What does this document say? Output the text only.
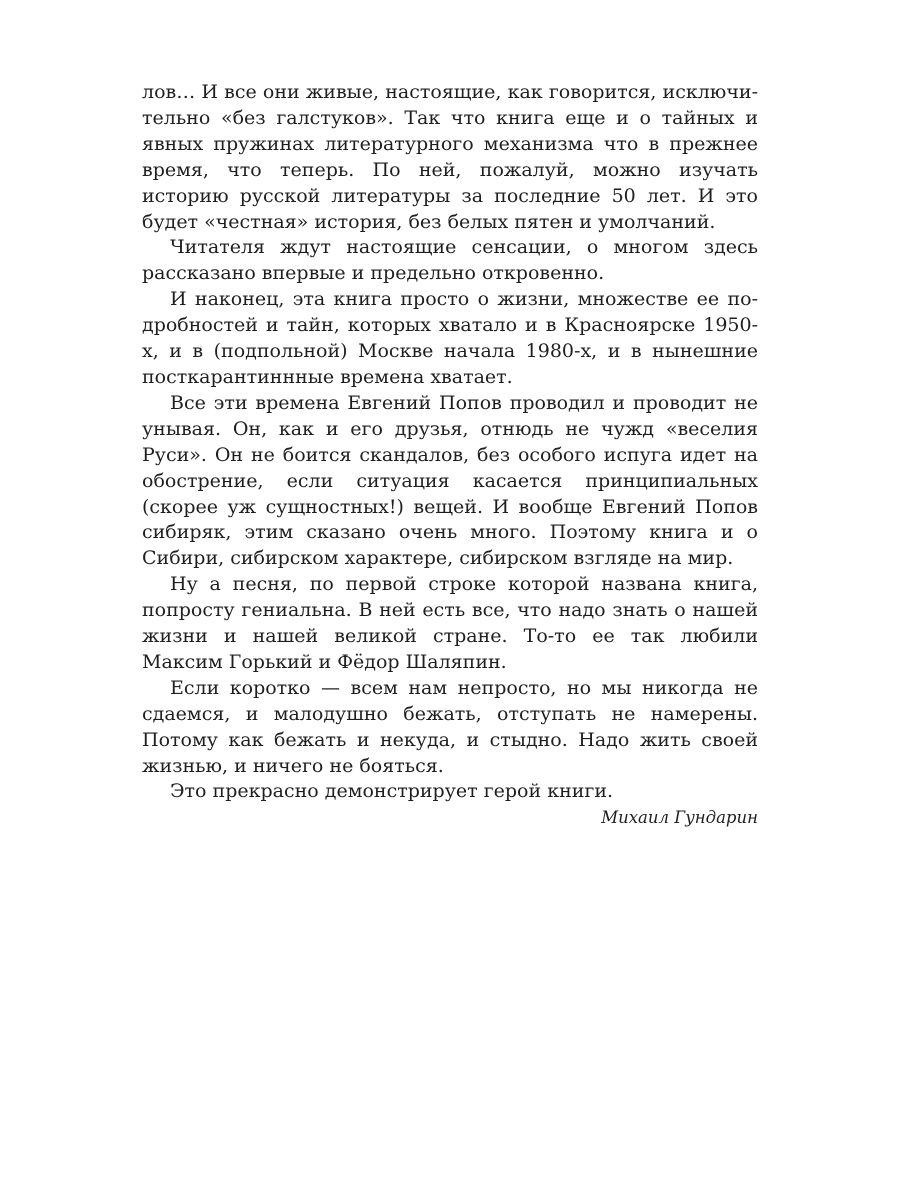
лов… И все они живые, настоящие, как говорится, исключительно «без галстуков». Так что книга еще и о тайных и явных пружинах литературного механизма что в прежнее время, что теперь. По ней, пожалуй, можно изучать историю русской литературы за последние 50 лет. И это будет «честная» история, без белых пятен и умолчаний.

Читателя ждут настоящие сенсации, о многом здесь рассказано впервые и предельно откровенно.

И наконец, эта книга просто о жизни, множестве ее подробностей и тайн, которых хватало и в Красноярске 1950-х, и в (подпольной) Москве начала 1980-х, и в нынешние посткарантиннные времена хватает.

Все эти времена Евгений Попов проводил и проводит не унывая. Он, как и его друзья, отнюдь не чужд «веселия Руси». Он не боится скандалов, без особого испуга идет на обострение, если ситуация касается принципиальных (скорее уж сущностных!) вещей. И вообще Евгений Попов сибиряк, этим сказано очень много. Поэтому книга и о Сибири, сибирском характере, сибирском взгляде на мир.

Ну а песня, по первой строке которой названа книга, попросту гениальна. В ней есть все, что надо знать о нашей жизни и нашей великой стране. То-то ее так любили Максим Горький и Фёдор Шаляпин.

Если коротко — всем нам непросто, но мы никогда не сдаемся, и малодушно бежать, отступать не намерены. Потому как бежать и некуда, и стыдно. Надо жить своей жизнью, и ничего не бояться.

Это прекрасно демонстрирует герой книги.

Михаил Гундарин
